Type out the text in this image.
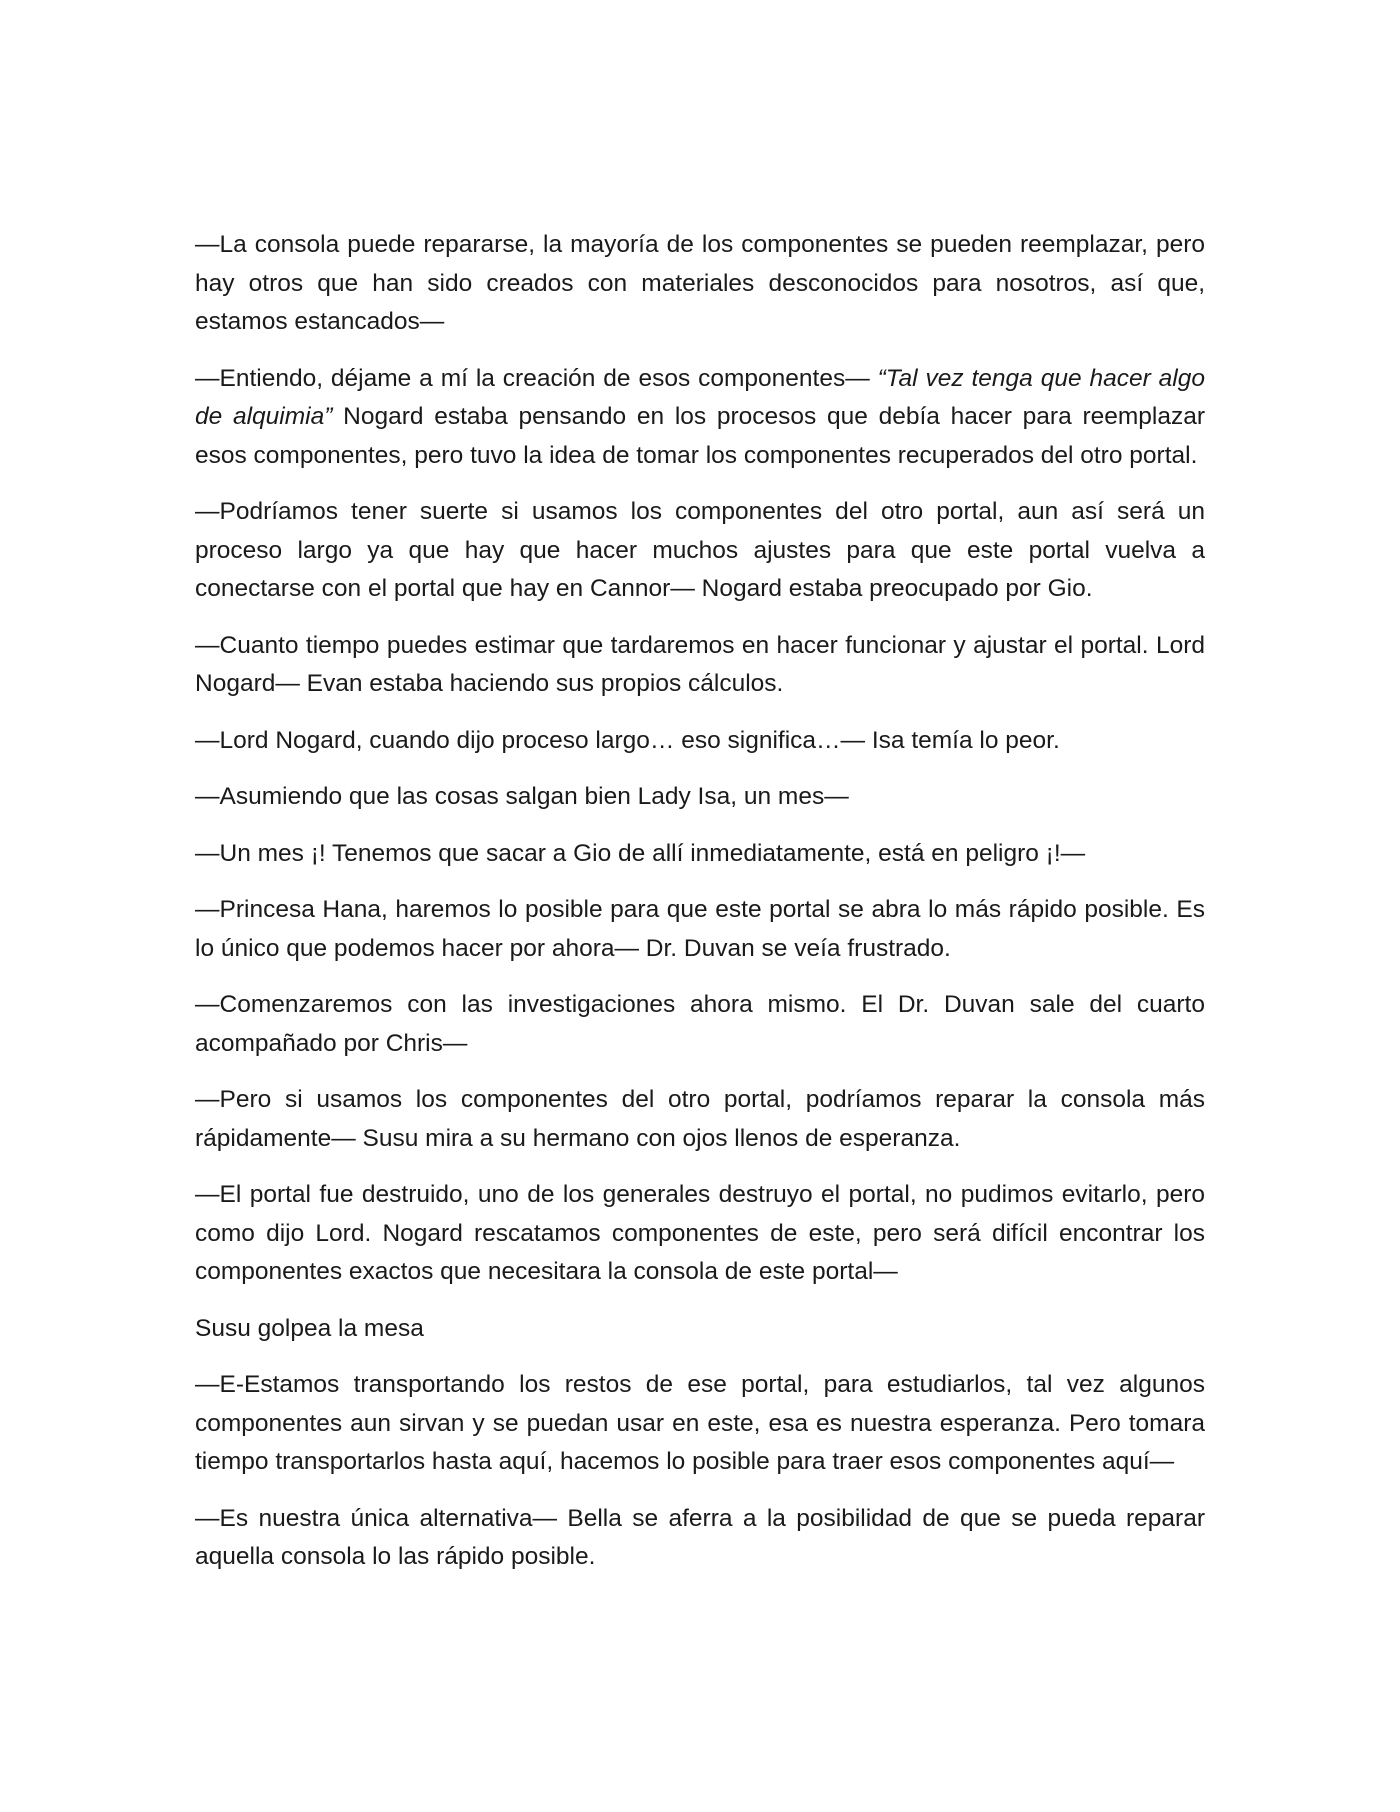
—La consola puede repararse, la mayoría de los componentes se pueden reemplazar, pero hay otros que han sido creados con materiales desconocidos para nosotros, así que, estamos estancados—

—Entiendo, déjame a mí la creación de esos componentes— “Tal vez tenga que hacer algo de alquimia” Nogard estaba pensando en los procesos que debía hacer para reemplazar esos componentes, pero tuvo la idea de tomar los componentes recuperados del otro portal.

—Podríamos tener suerte si usamos los componentes del otro portal, aun así será un proceso largo ya que hay que hacer muchos ajustes para que este portal vuelva a conectarse con el portal que hay en Cannor— Nogard estaba preocupado por Gio.

—Cuanto tiempo puedes estimar que tardaremos en hacer funcionar y ajustar el portal. Lord Nogard— Evan estaba haciendo sus propios cálculos.

—Lord Nogard, cuando dijo proceso largo… eso significa…— Isa temía lo peor.

—Asumiendo que las cosas salgan bien Lady Isa, un mes—

—Un mes ¡! Tenemos que sacar a Gio de allí inmediatamente, está en peligro ¡!—

—Princesa Hana, haremos lo posible para que este portal se abra lo más rápido posible. Es lo único que podemos hacer por ahora— Dr. Duvan se veía frustrado.

—Comenzaremos con las investigaciones ahora mismo. El Dr. Duvan sale del cuarto acompañado por Chris—

—Pero si usamos los componentes del otro portal, podríamos reparar la consola más rápidamente— Susu mira a su hermano con ojos llenos de esperanza.

—El portal fue destruido, uno de los generales destruyo el portal, no pudimos evitarlo, pero como dijo Lord. Nogard rescatamos componentes de este, pero será difícil encontrar los componentes exactos que necesitara la consola de este portal—

Susu golpea la mesa

—E-Estamos transportando los restos de ese portal, para estudiarlos, tal vez algunos componentes aun sirvan y se puedan usar en este, esa es nuestra esperanza. Pero tomara tiempo transportarlos hasta aquí, hacemos lo posible para traer esos componentes aquí—

—Es nuestra única alternativa— Bella se aferra a la posibilidad de que se pueda reparar aquella consola lo las rápido posible.
